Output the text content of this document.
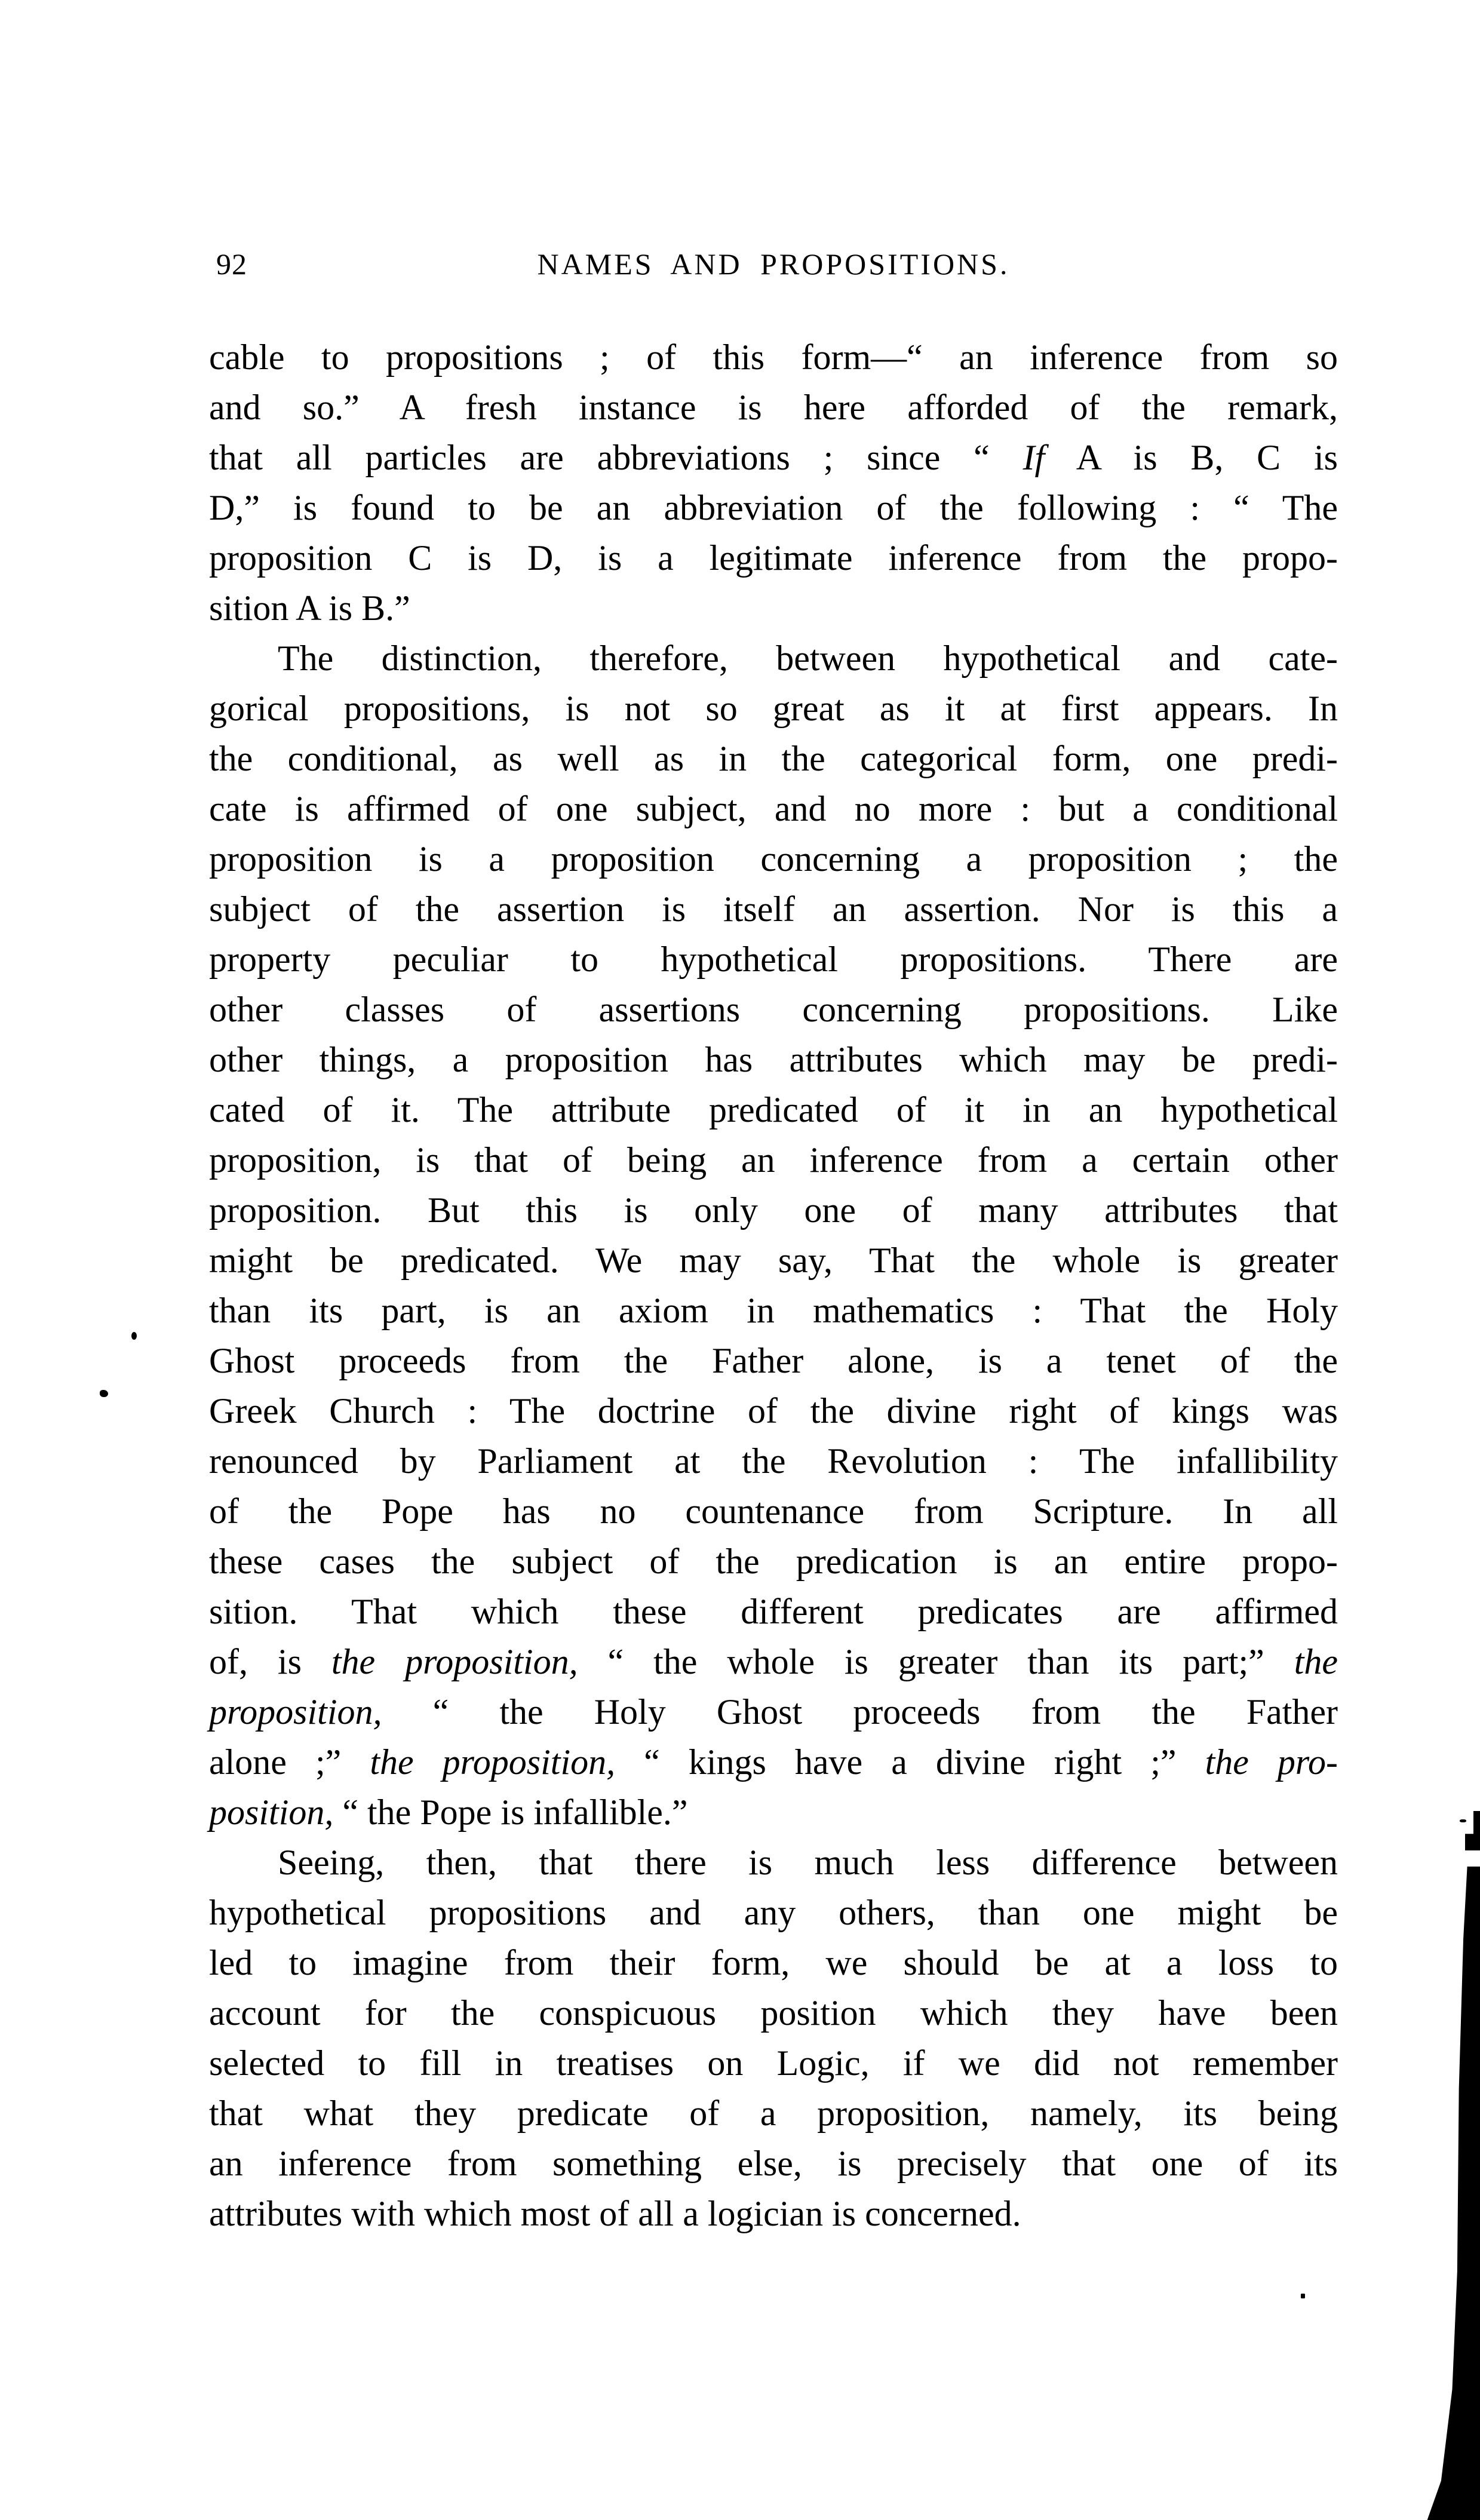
92	NAMES AND PROPOSITIONS.
cable to propositions ; of this form—“ an inference from so
and so.” A fresh instance is here afforded of the remark,
that all particles are abbreviations ; since “ If A is B, C is
D,” is found to be an abbreviation of the following : “ The
proposition C is D, is a legitimate inference from the propo-
sition A is B.”
The distinction, therefore, between hypothetical and cate-
gorical propositions, is not so great as it at first appears. In
the conditional, as well as in the categorical form, one predi-
cate is affirmed of one subject, and no more : but a conditional
proposition is a proposition concerning a proposition ; the
subject of the assertion is itself an assertion. Nor is this a
property peculiar to hypothetical propositions. There are
other classes of assertions concerning propositions. Like
other things, a proposition has attributes which may be predi-
cated of it. The attribute predicated of it in an hypothetical
proposition, is that of being an inference from a certain other
proposition. But this is only one of many attributes that
might be predicated. We may say, That the whole is greater
than its part, is an axiom in mathematics : That the Holy
Ghost proceeds from the Father alone, is a tenet of the
Greek Church : The doctrine of the divine right of kings was
renounced by Parliament at the Revolution : The infallibility
of the Pope has no countenance from Scripture. In all
these cases the subject of the predication is an entire propo-
sition. That which these different predicates are affirmed
of, is the proposition, “ the whole is greater than its part;” the
proposition, “ the Holy Ghost proceeds from the Father
alone ;” the proposition, “ kings have a divine right ;” the pro-
position, “ the Pope is infallible.”
Seeing, then, that there is much less difference between
hypothetical propositions and any others, than one might be
led to imagine from their form, we should be at a loss to
account for the conspicuous position which they have been
selected to fill in treatises on Logic, if we did not remember
that what they predicate of a proposition, namely, its being
an inference from something else, is precisely that one of its
attributes with which most of all a logician is concerned.
